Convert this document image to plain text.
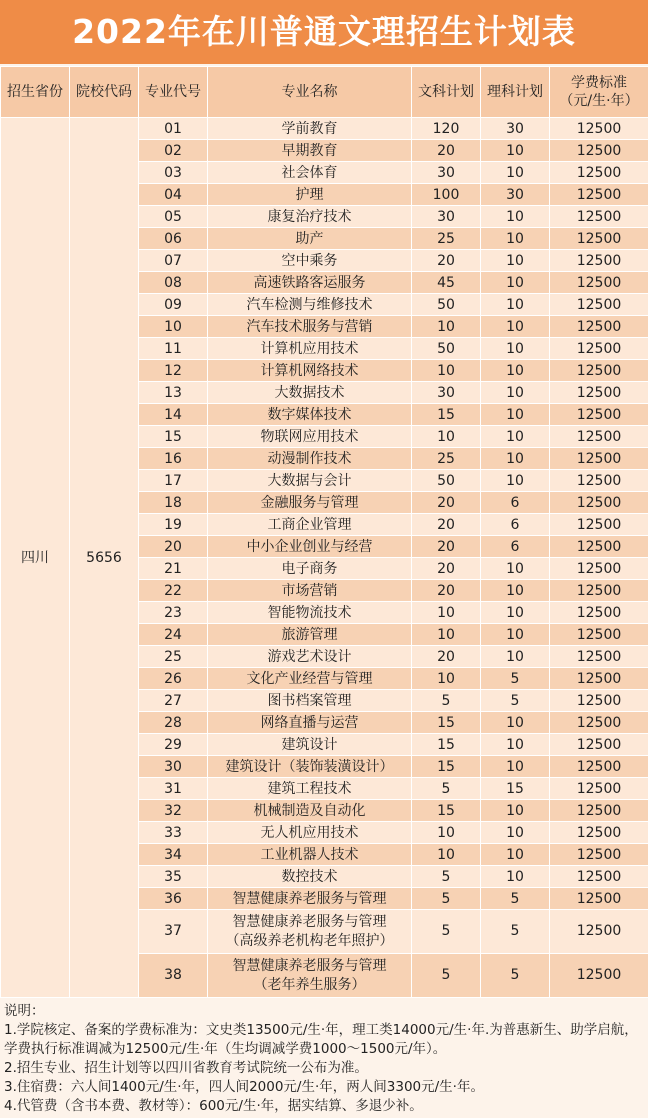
2022年在川普通文理招生计划表
招生省份	院校代码	专业代号	专业名称	文科计划	理科计划	学费标准
（元/生·年）

四川	5656	01	学前教育	120	30	12500
		02	早期教育	20	10	12500
		03	社会体育	30	10	12500
		04	护理	100	30	12500
		05	康复治疗技术	30	10	12500
		06	助产	25	10	12500
		07	空中乘务	20	10	12500
		08	高速铁路客运服务	45	10	12500
		09	汽车检测与维修技术	50	10	12500
		10	汽车技术服务与营销	10	10	12500
		11	计算机应用技术	50	10	12500
		12	计算机网络技术	10	10	12500
		13	大数据技术	30	10	12500
		14	数字媒体技术	15	10	12500
		15	物联网应用技术	10	10	12500
		16	动漫制作技术	25	10	12500
		17	大数据与会计	50	10	12500
		18	金融服务与管理	20	6	12500
		19	工商企业管理	20	6	12500
		20	中小企业创业与经营	20	6	12500
		21	电子商务	20	10	12500
		22	市场营销	20	10	12500
		23	智能物流技术	10	10	12500
		24	旅游管理	10	10	12500
		25	游戏艺术设计	20	10	12500
		26	文化产业经营与管理	10	5	12500
		27	图书档案管理	5	5	12500
		28	网络直播与运营	15	10	12500
		29	建筑设计	15	10	12500
		30	建筑设计（装饰装潢设计）	15	10	12500
		31	建筑工程技术	5	15	12500
		32	机械制造及自动化	15	10	12500
		33	无人机应用技术	10	10	12500
		34	工业机器人技术	10	10	12500
		35	数控技术	5	10	12500
		36	智慧健康养老服务与管理	5	5	12500
		37	智慧健康养老服务与管理
（高级养老机构老年照护）	5	5	12500
		38	智慧健康养老服务与管理
（老年养生服务）	5	5	12500
说明：
1.学院核定、备案的学费标准为：文史类13500元/生·年，理工类14000元/生·年.为普惠新生、助学启航，学费执行标准调减为12500元/生·年（生均调减学费1000～1500元/年）。
2.招生专业、招生计划等以四川省教育考试院统一公布为准。
3.住宿费：六人间1400元/生·年，四人间2000元/生·年，两人间3300元/生·年。
4.代管费（含书本费、教材等）：600元/生·年，据实结算、多退少补。
